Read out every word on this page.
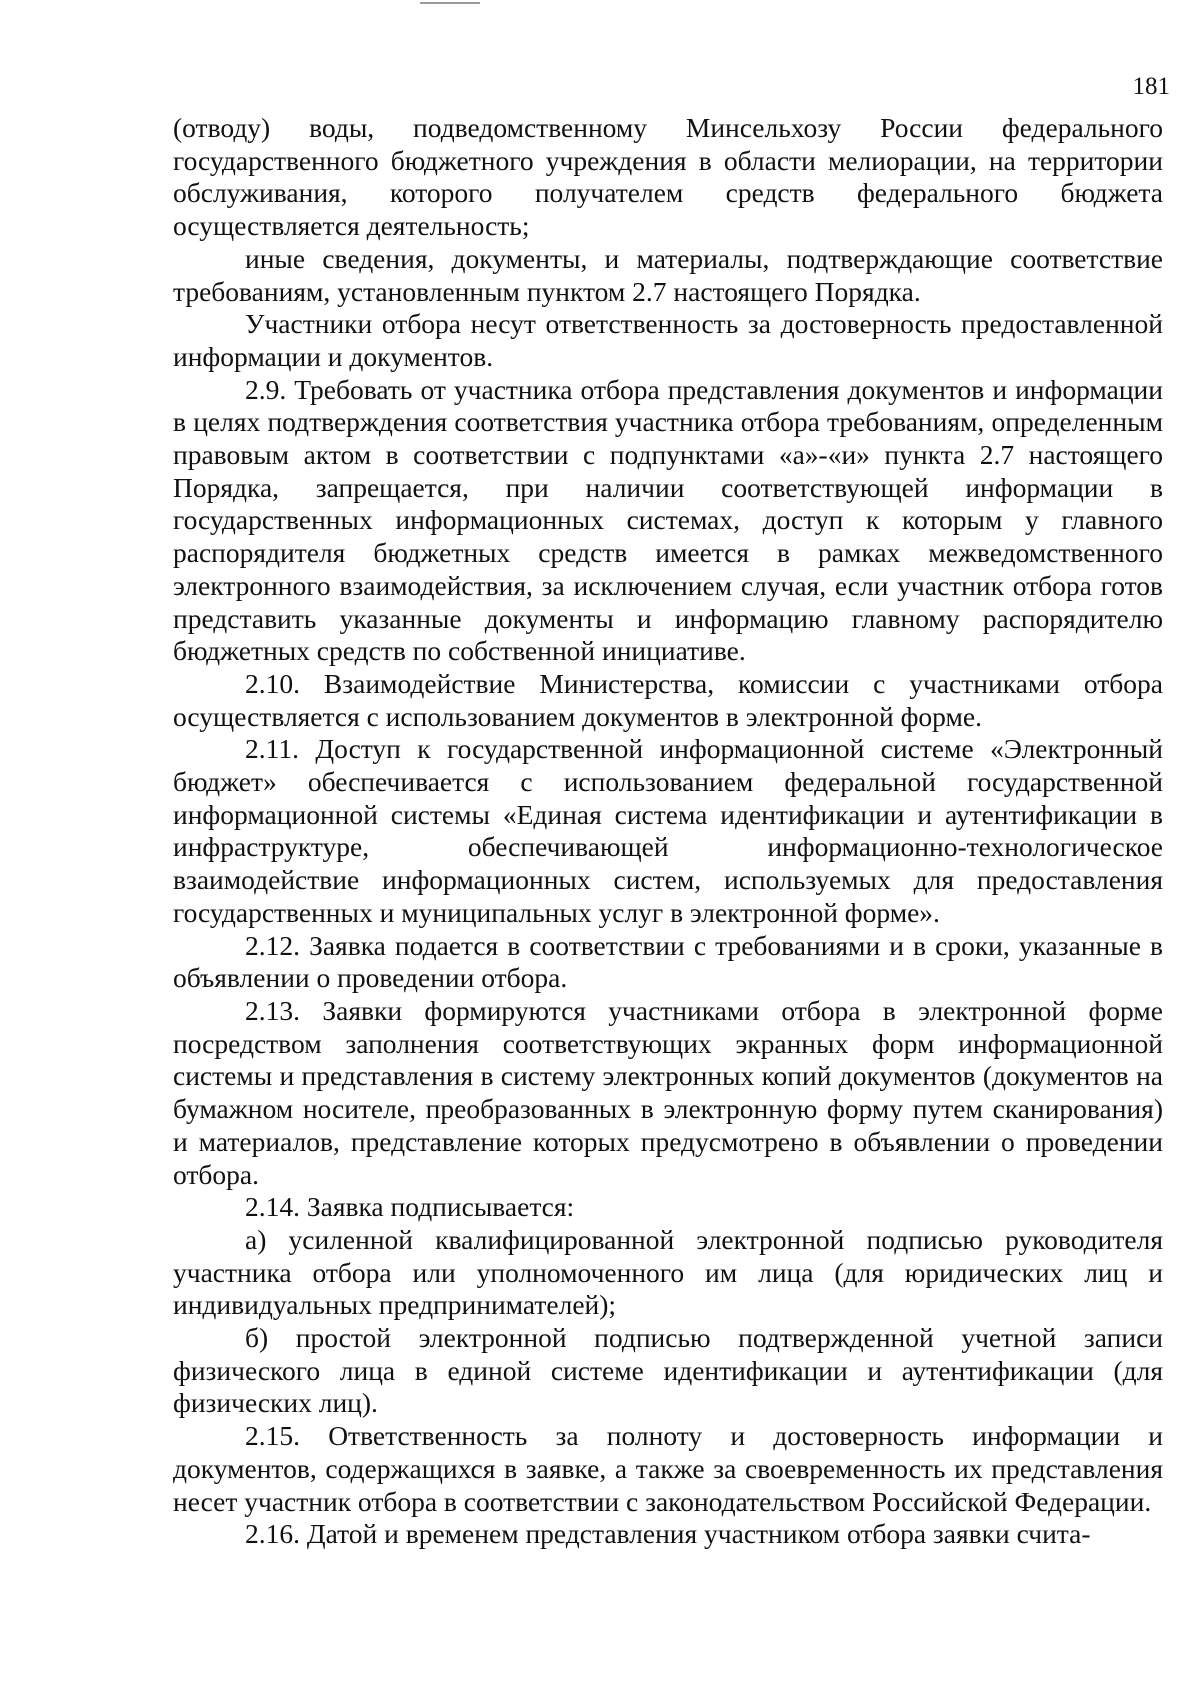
181

(отводу) воды, подведомственному Минсельхозу России федерального государственного бюджетного учреждения в области мелиорации, на территории обслуживания, которого получателем средств федерального бюджета осуществляется деятельность;

иные сведения, документы, и материалы, подтверждающие соответствие требованиям, установленным пунктом 2.7 настоящего Порядка.

Участники отбора несут ответственность за достоверность предоставленной информации и документов.

2.9. Требовать от участника отбора представления документов и информации в целях подтверждения соответствия участника отбора требованиям, определенным правовым актом в соответствии с подпунктами «а»-«и» пункта 2.7 настоящего Порядка, запрещается, при наличии соответствующей информации в государственных информационных системах, доступ к которым у главного распорядителя бюджетных средств имеется в рамках межведомственного электронного взаимодействия, за исключением случая, если участник отбора готов представить указанные документы и информацию главному распорядителю бюджетных средств по собственной инициативе.

2.10. Взаимодействие Министерства, комиссии с участниками отбора осуществляется с использованием документов в электронной форме.

2.11. Доступ к государственной информационной системе «Электронный бюджет» обеспечивается с использованием федеральной государственной информационной системы «Единая система идентификации и аутентификации в инфраструктуре, обеспечивающей информационно-технологическое взаимодействие информационных систем, используемых для предоставления государственных и муниципальных услуг в электронной форме».

2.12. Заявка подается в соответствии с требованиями и в сроки, указанные в объявлении о проведении отбора.

2.13. Заявки формируются участниками отбора в электронной форме посредством заполнения соответствующих экранных форм информационной системы и представления в систему электронных копий документов (документов на бумажном носителе, преобразованных в электронную форму путем сканирования) и материалов, представление которых предусмотрено в объявлении о проведении отбора.

2.14. Заявка подписывается:

а) усиленной квалифицированной электронной подписью руководителя участника отбора или уполномоченного им лица (для юридических лиц и индивидуальных предпринимателей);

б) простой электронной подписью подтвержденной учетной записи физического лица в единой системе идентификации и аутентификации (для физических лиц).

2.15. Ответственность за полноту и достоверность информации и документов, содержащихся в заявке, а также за своевременность их представления несет участник отбора в соответствии с законодательством Российской Федерации.

2.16. Датой и временем представления участником отбора заявки счита-
